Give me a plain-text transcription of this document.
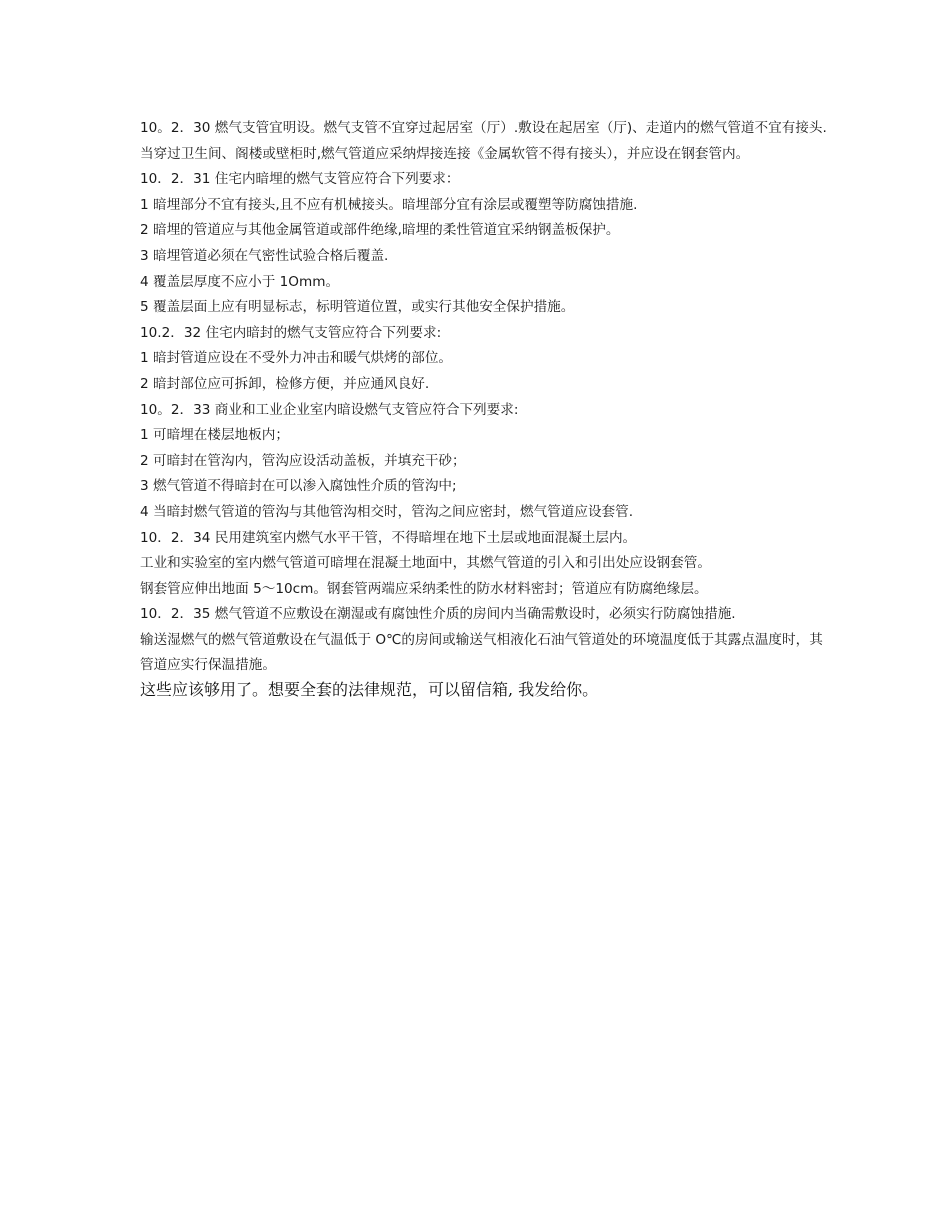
10。2．30 燃气支管宜明设。燃气支管不宜穿过起居室（厅）.敷设在起居室（厅)、走道内的燃气管道不宜有接头.

当穿过卫生间、阁楼或壁柜时,燃气管道应采纳焊接连接《金属软管不得有接头），并应设在钢套管内。

10．2．31 住宅内暗埋的燃气支管应符合下列要求：

1 暗埋部分不宜有接头,且不应有机械接头。暗埋部分宜有涂层或覆塑等防腐蚀措施.

2 暗埋的管道应与其他金属管道或部件绝缘,暗埋的柔性管道宜采纳钢盖板保护。

3 暗埋管道必须在气密性试验合格后覆盖.

4 覆盖层厚度不应小于 1Omm。

5 覆盖层面上应有明显标志，标明管道位置，或实行其他安全保护措施。

10.2．32 住宅内暗封的燃气支管应符合下列要求:

1 暗封管道应设在不受外力冲击和暖气烘烤的部位。

2 暗封部位应可拆卸，检修方便，并应通风良好.

10。2．33 商业和工业企业室内暗设燃气支管应符合下列要求:

1 可暗埋在楼层地板内；

2 可暗封在管沟内，管沟应设活动盖板，并填充干砂；

3 燃气管道不得暗封在可以渗入腐蚀性介质的管沟中;

4 当暗封燃气管道的管沟与其他管沟相交时，管沟之间应密封，燃气管道应设套管.

10．2．34 民用建筑室内燃气水平干管，不得暗埋在地下土层或地面混凝土层内。

工业和实验室的室内燃气管道可暗埋在混凝土地面中，其燃气管道的引入和引出处应设钢套管。

钢套管应伸出地面 5～10cm。钢套管两端应采纳柔性的防水材料密封；管道应有防腐绝缘层。

10．2．35 燃气管道不应敷设在潮湿或有腐蚀性介质的房间内当确需敷设时，必须实行防腐蚀措施.

输送湿燃气的燃气管道敷设在气温低于 O℃的房间或输送气相液化石油气管道处的环境温度低于其露点温度时，其管道应实行保温措施。

这些应该够用了。想要全套的法律规范，可以留信箱, 我发给你。
